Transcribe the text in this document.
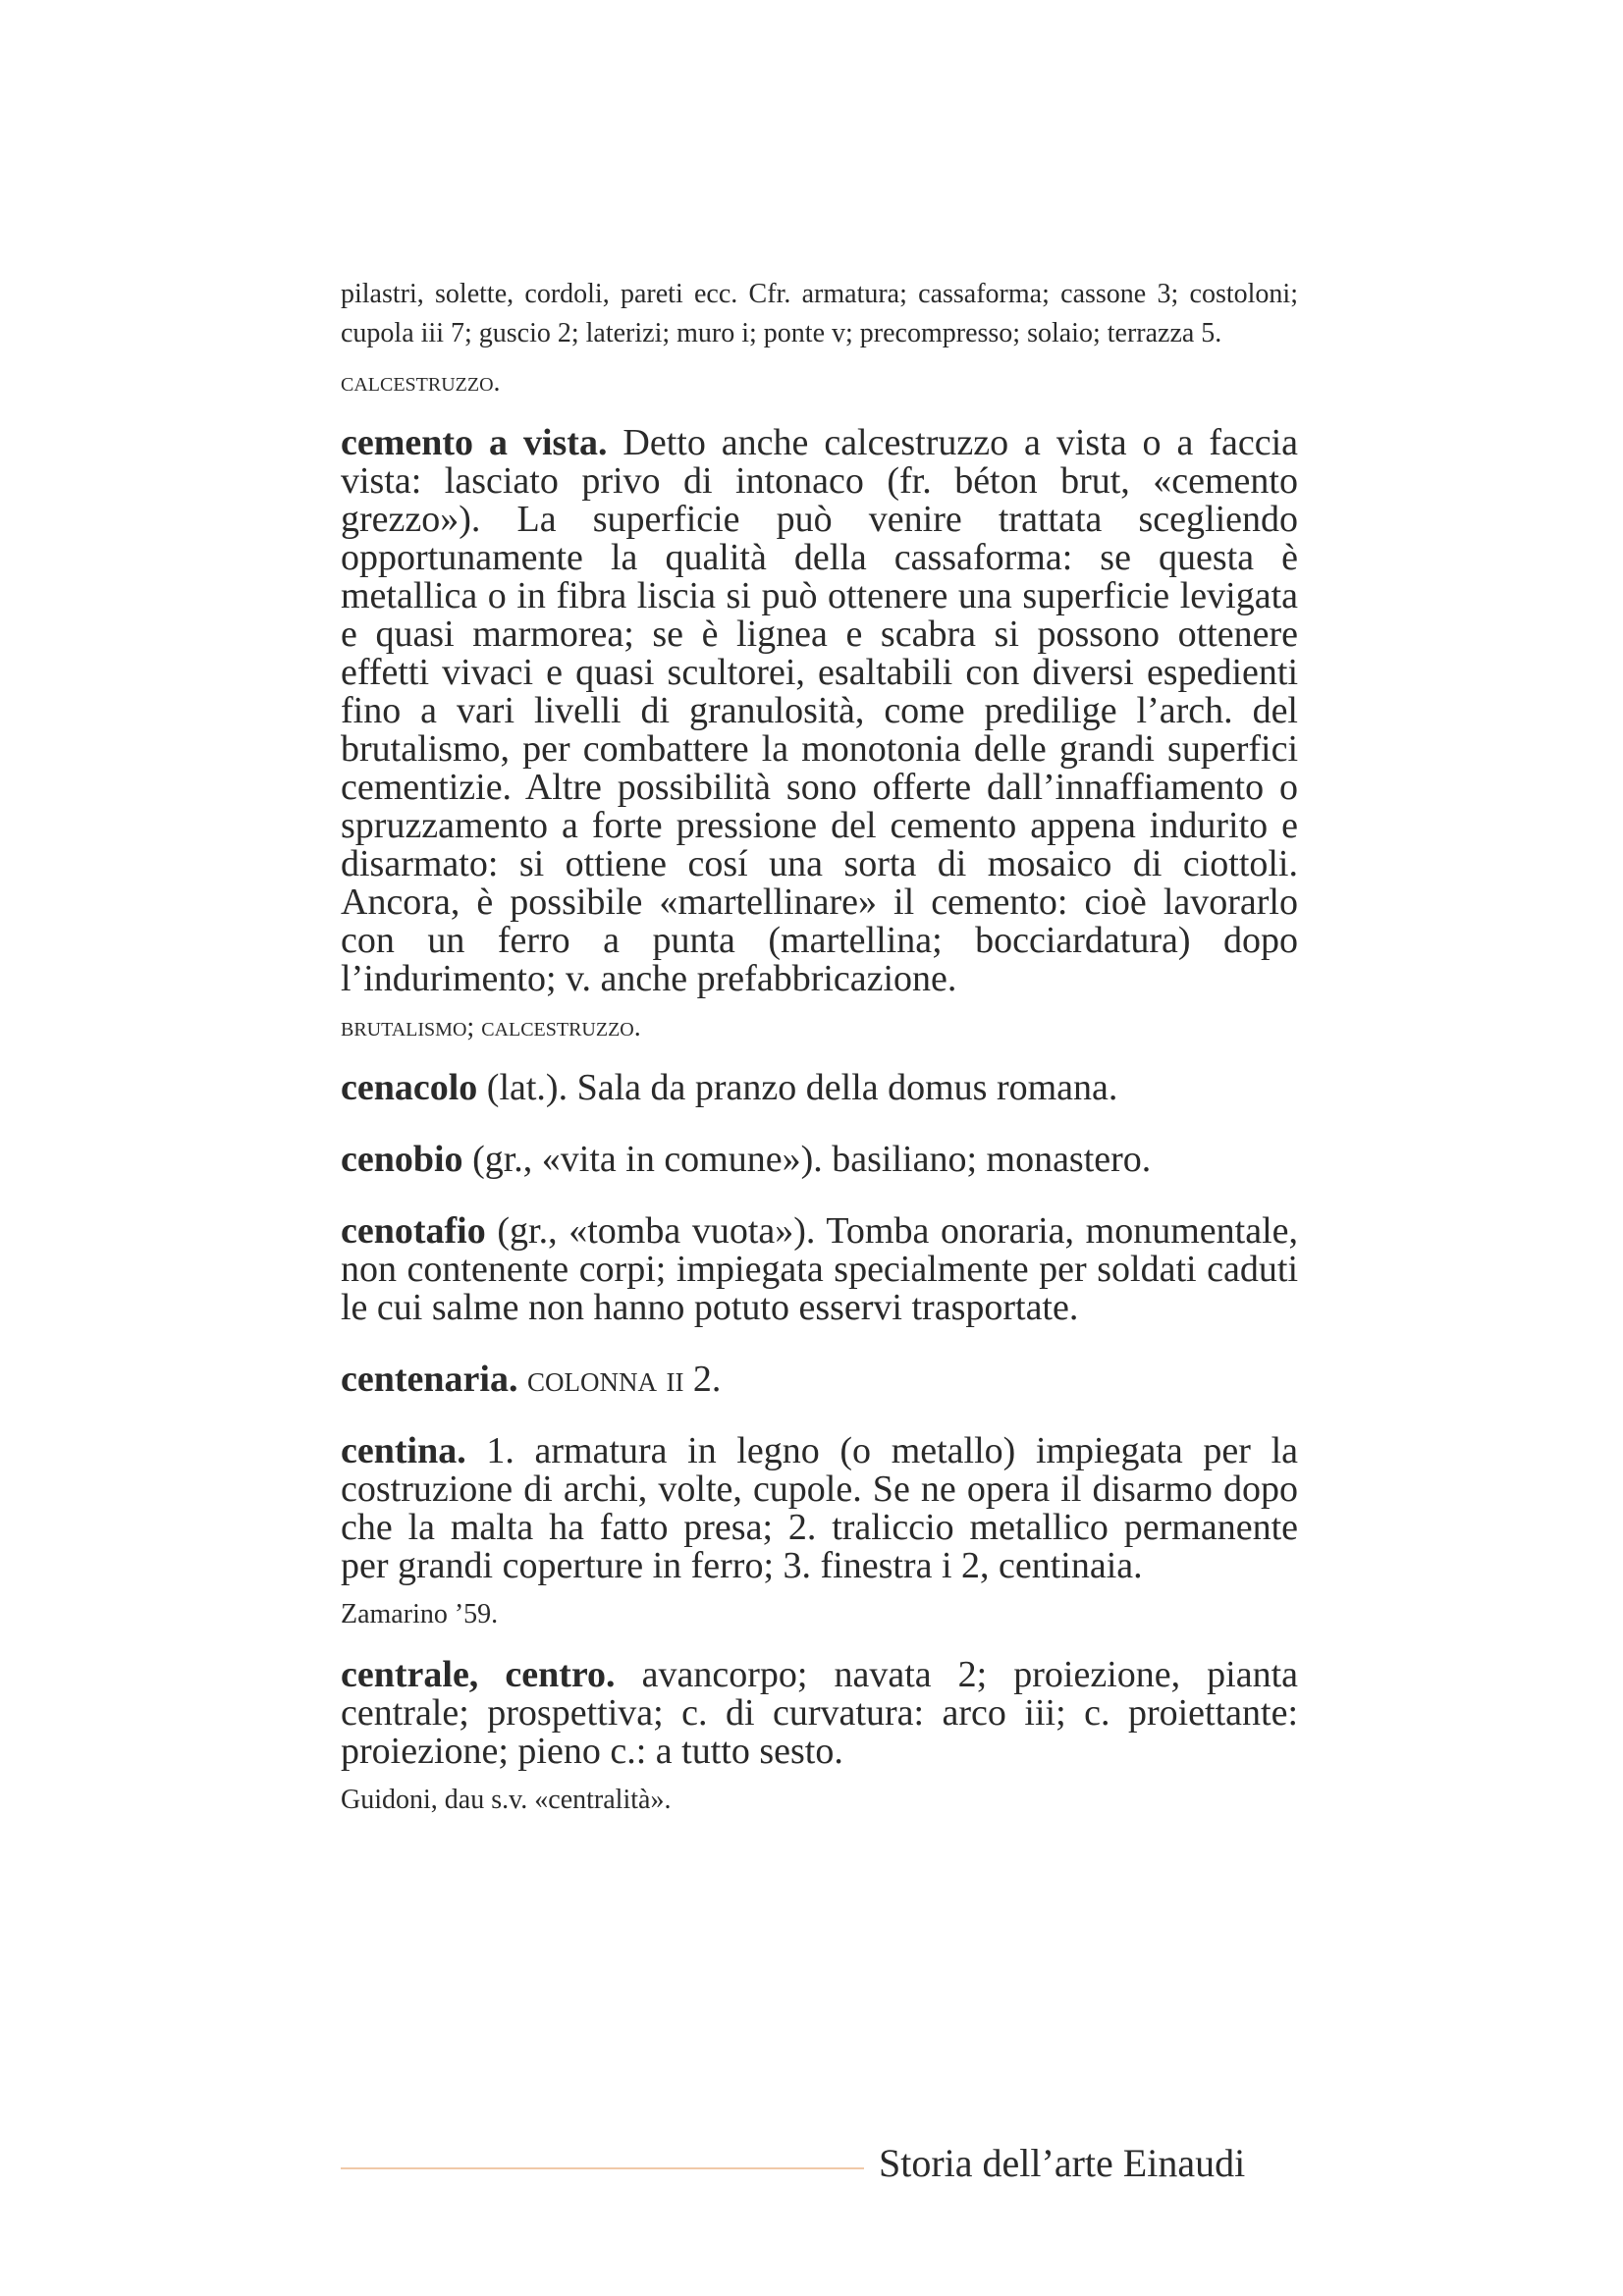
pilastri, solette, cordoli, pareti ecc. Cfr. armatura; cassaforma; cassone 3; costoloni; cupola iii 7; guscio 2; laterizi; muro i; ponte v; precompresso; solaio; terrazza 5.
calcestruzzo.
cemento a vista. Detto anche calcestruzzo a vista o a faccia vista: lasciato privo di intonaco (fr. béton brut, «cemento grezzo»). La superficie può venire trattata scegliendo opportunamente la qualità della cassaforma: se questa è metallica o in fibra liscia si può ottenere una superficie levigata e quasi marmorea; se è lignea e scabra si possono ottenere effetti vivaci e quasi scultorei, esaltabili con diversi espedienti fino a vari livelli di granulosità, come predilige l’arch. del brutalismo, per combattere la monotonia delle grandi superfici cementizie. Altre possibilità sono offerte dall’innaffiamento o spruzzamento a forte pressione del cemento appena indurito e disarmato: si ottiene cosí una sorta di mosaico di ciottoli. Ancora, è possibile «martellinare» il cemento: cioè lavorarlo con un ferro a punta (martellina; bocciardatura) dopo l’indurimento; v. anche prefabbricazione.
brutalismo; calcestruzzo.
cenacolo (lat.). Sala da pranzo della domus romana.
cenobio (gr., «vita in comune»). basiliano; monastero.
cenotafio (gr., «tomba vuota»). Tomba onoraria, monumentale, non contenente corpi; impiegata specialmente per soldati caduti le cui salme non hanno potuto esservi trasportate.
centenaria. colonna ii 2.
centina. 1. armatura in legno (o metallo) impiegata per la costruzione di archi, volte, cupole. Se ne opera il disarmo dopo che la malta ha fatto presa; 2. traliccio metallico permanente per grandi coperture in ferro; 3. finestra i 2, centinaia.
Zamarino ’59.
centrale, centro. avancorpo; navata 2; proiezione, pianta centrale; prospettiva; c. di curvatura: arco iii; c. proiettante: proiezione; pieno c.: a tutto sesto.
Guidoni, dau s.v. «centralità».
Storia dell’arte Einaudi
